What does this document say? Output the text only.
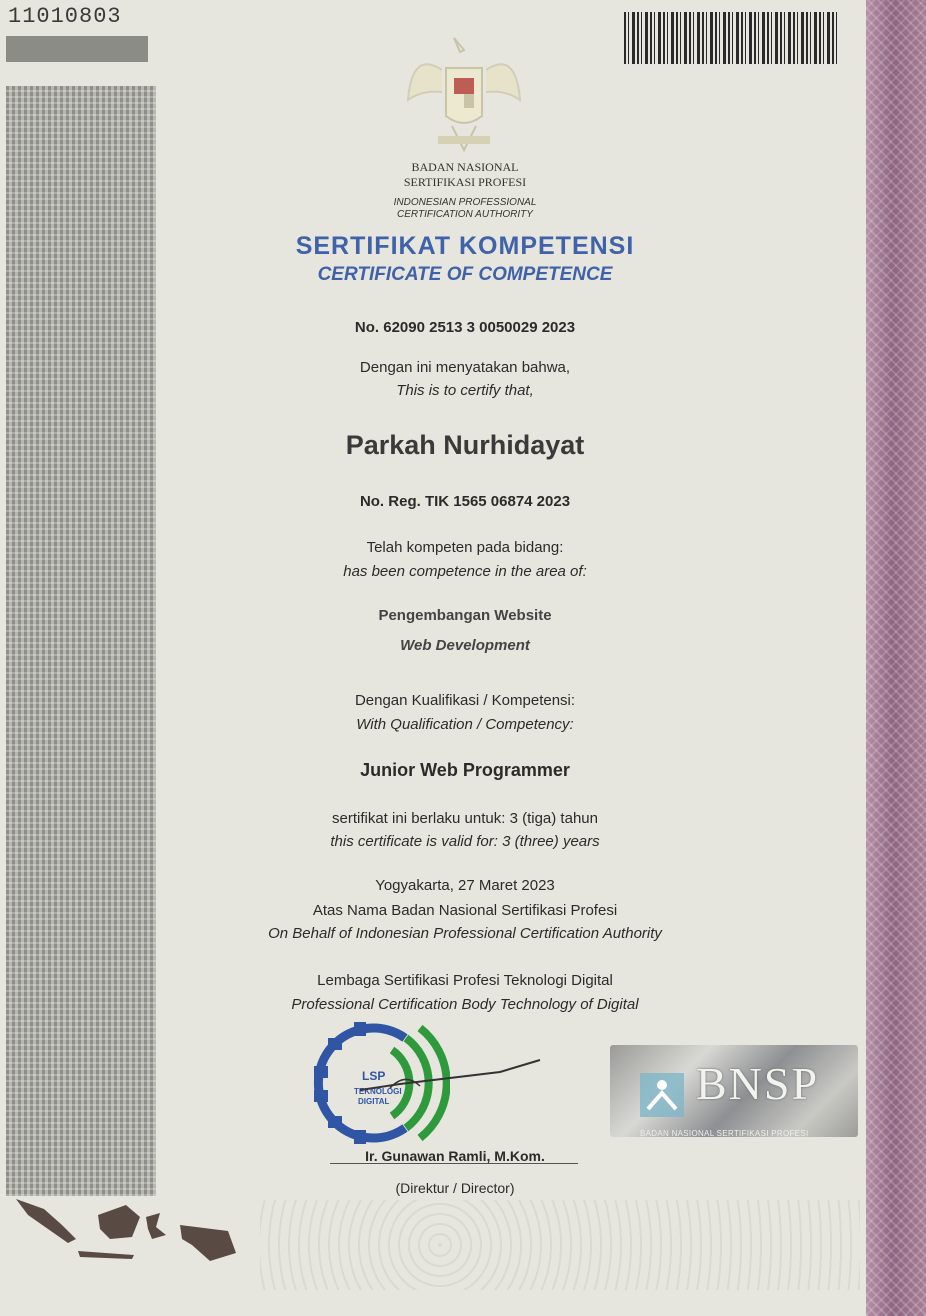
11010803
BADAN NASIONAL
SERTIFIKASI PROFESI
INDONESIAN PROFESSIONAL
CERTIFICATION AUTHORITY
SERTIFIKAT KOMPETENSI
CERTIFICATE OF COMPETENCE
No. 62090 2513 3 0050029 2023
Dengan ini menyatakan bahwa,
This is to certify that,
Parkah Nurhidayat
No. Reg. TIK 1565 06874 2023
Telah kompeten pada bidang:
has been competence in the area of:
Pengembangan Website
Web Development
Dengan Kualifikasi / Kompetensi:
With Qualification / Competency:
Junior Web Programmer
sertifikat ini berlaku untuk: 3 (tiga) tahun
this certificate is valid for: 3 (three) years
Yogyakarta, 27 Maret 2023
Atas Nama Badan Nasional Sertifikasi Profesi
On Behalf of Indonesian Professional Certification Authority
Lembaga Sertifikasi Profesi Teknologi Digital
Professional Certification Body Technology of Digital
LSP
TEKNOLOGI
DIGITAL
Ir. Gunawan Ramli, M.Kom.
(Direktur / Director)
BNSP
BADAN NASIONAL SERTIFIKASI PROFESI
